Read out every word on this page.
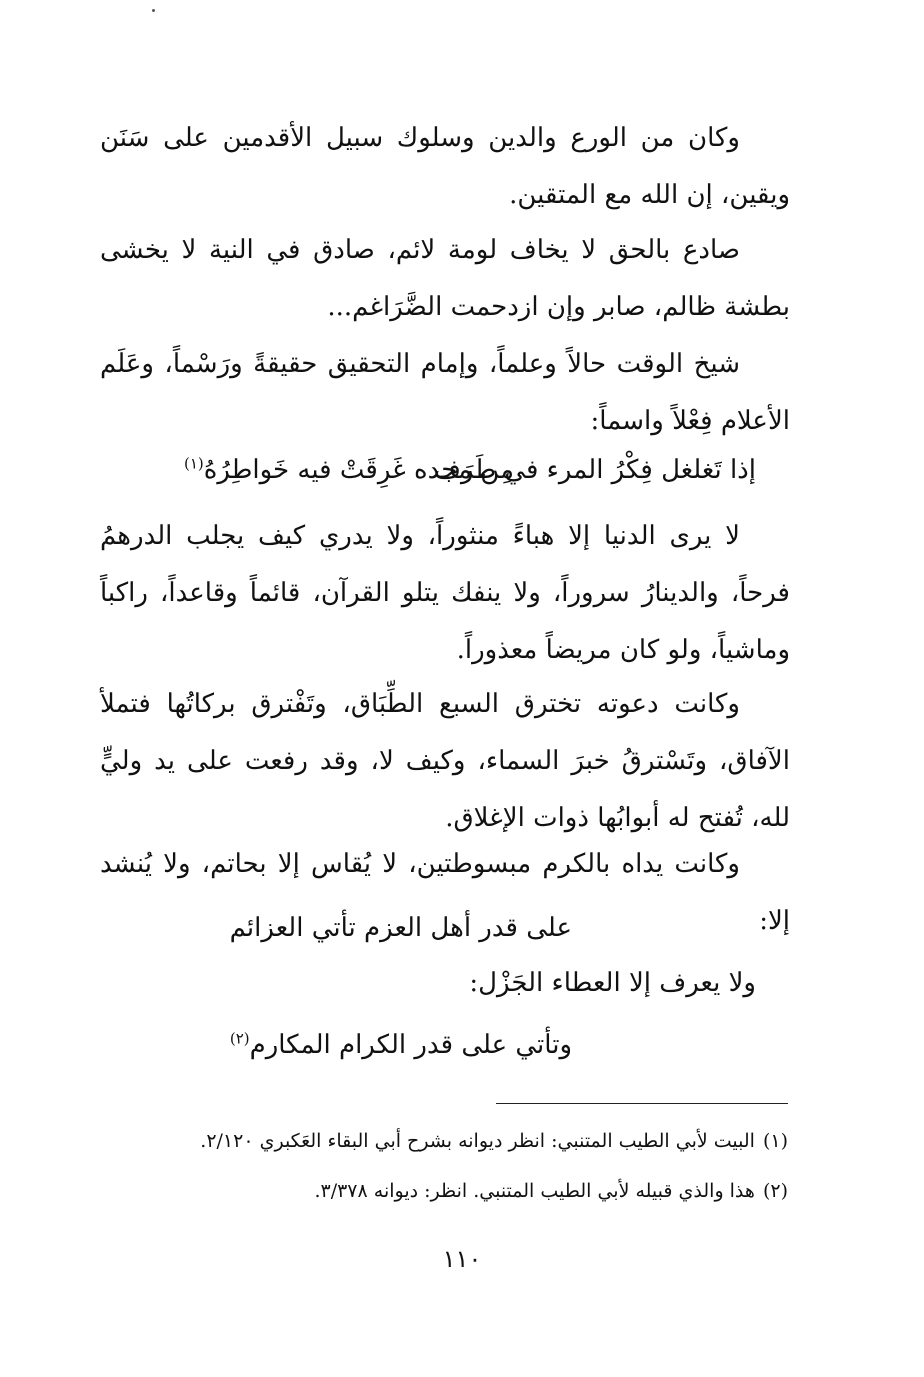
وكان من الورع والدين وسلوك سبيل الأقدمين على سَنَن ويقين، إن الله مع المتقين.

صادع بالحق لا يخاف لومة لائم، صادق في النية لا يخشى بطشة ظالم، صابر وإن ازدحمت الضَّرَاغم...

شيخ الوقت حالاً وعلماً، وإمام التحقيق حقيقةً ورَسْماً، وعَلَم الأعلام فِعْلاً واسماً:

إذا تَغلغل فِكْرُ المرء في طَرَف
مِن مجده غَرِقَتْ فيه خَواطِرُهُ$^{(١)}$

لا يرى الدنيا إلا هباءً منثوراً، ولا يدري كيف يجلب الدرهمُ فرحاً، والدينارُ سروراً، ولا ينفك يتلو القرآن، قائماً وقاعداً، راكباً وماشياً، ولو كان مريضاً معذوراً.

وكانت دعوته تخترق السبع الطِّبَاق، وتَفْترق بركاتُها فتملأ الآفاق، وتَسْترقُ خبرَ السماء، وكيف لا، وقد رفعت على يد وليٍّ لله، تُفتح له أبوابُها ذوات الإغلاق.

وكانت يداه بالكرم مبسوطتين، لا يُقاس إلا بحاتم، ولا يُنشد إلا:

على قدر أهل العزم تأتي العزائم
ولا يعرف إلا العطاء الجَزْل:
وتأتي على قدر الكرام المكارم$^{(٢)}$
(١)البيت لأبي الطيب المتنبي: انظر ديوانه بشرح أبي البقاء العَكبري ٢/١٢٠.
(٢)هذا والذي قبيله لأبي الطيب المتنبي. انظر: ديوانه ٣/٣٧٨.
١١٠
